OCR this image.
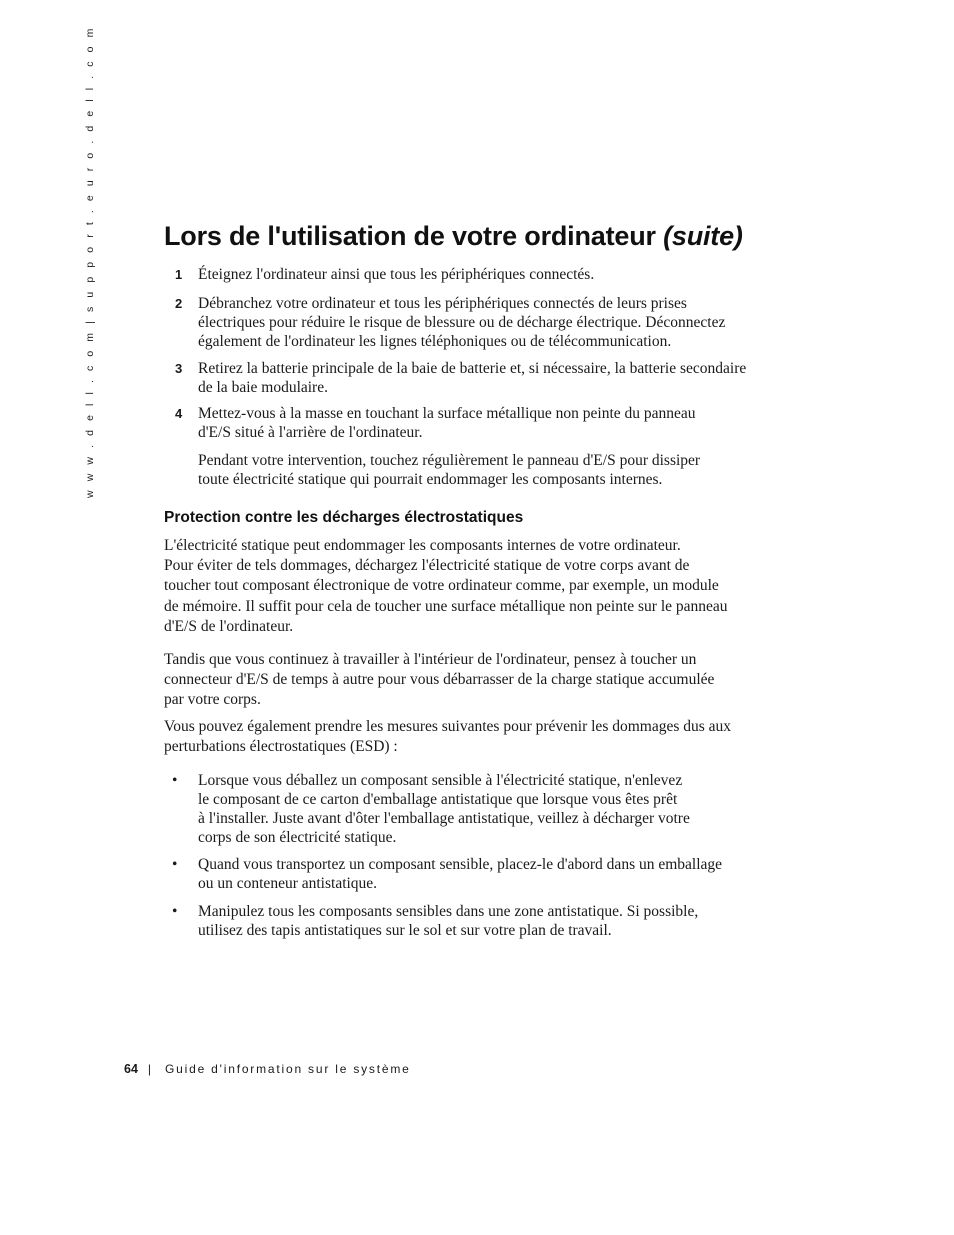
w w w . d e l l . c o m | s u p p o r t . e u r o . d e l l . c o m	Lors de l'utilisation de votre ordinateur (suite)
1 Éteignez l'ordinateur ainsi que tous les périphériques connectés.
2 Débranchez votre ordinateur et tous les périphériques connectés de leurs prises
électriques pour réduire le risque de blessure ou de décharge électrique. Déconnectez
également de l'ordinateur les lignes téléphoniques ou de télécommunication.
3 Retirez la batterie principale de la baie de batterie et, si nécessaire, la batterie secondaire
de la baie modulaire.
4 Mettez-vous à la masse en touchant la surface métallique non peinte du panneau
d'E/S situé à l'arrière de l'ordinateur.
Pendant votre intervention, touchez régulièrement le panneau d'E/S pour dissiper
toute électricité statique qui pourrait endommager les composants internes.
Protection contre les décharges électrostatiques
L'électricité statique peut endommager les composants internes de votre ordinateur.
Pour éviter de tels dommages, déchargez l'électricité statique de votre corps avant de
toucher tout composant électronique de votre ordinateur comme, par exemple, un module
de mémoire. Il suffit pour cela de toucher une surface métallique non peinte sur le panneau
d'E/S de l'ordinateur.
Tandis que vous continuez à travailler à l'intérieur de l'ordinateur, pensez à toucher un
connecteur d'E/S de temps à autre pour vous débarrasser de la charge statique accumulée
par votre corps.
Vous pouvez également prendre les mesures suivantes pour prévenir les dommages dus aux
perturbations électrostatiques (ESD) :
• Lorsque vous déballez un composant sensible à l'électricité statique, n'enlevez
le composant de ce carton d'emballage antistatique que lorsque vous êtes prêt
à l'installer. Juste avant d'ôter l'emballage antistatique, veillez à décharger votre
corps de son électricité statique.
• Quand vous transportez un composant sensible, placez-le d'abord dans un emballage
ou un conteneur antistatique.
• Manipulez tous les composants sensibles dans une zone antistatique. Si possible,
utilisez des tapis antistatiques sur le sol et sur votre plan de travail.
64 | Guide d'information sur le système
